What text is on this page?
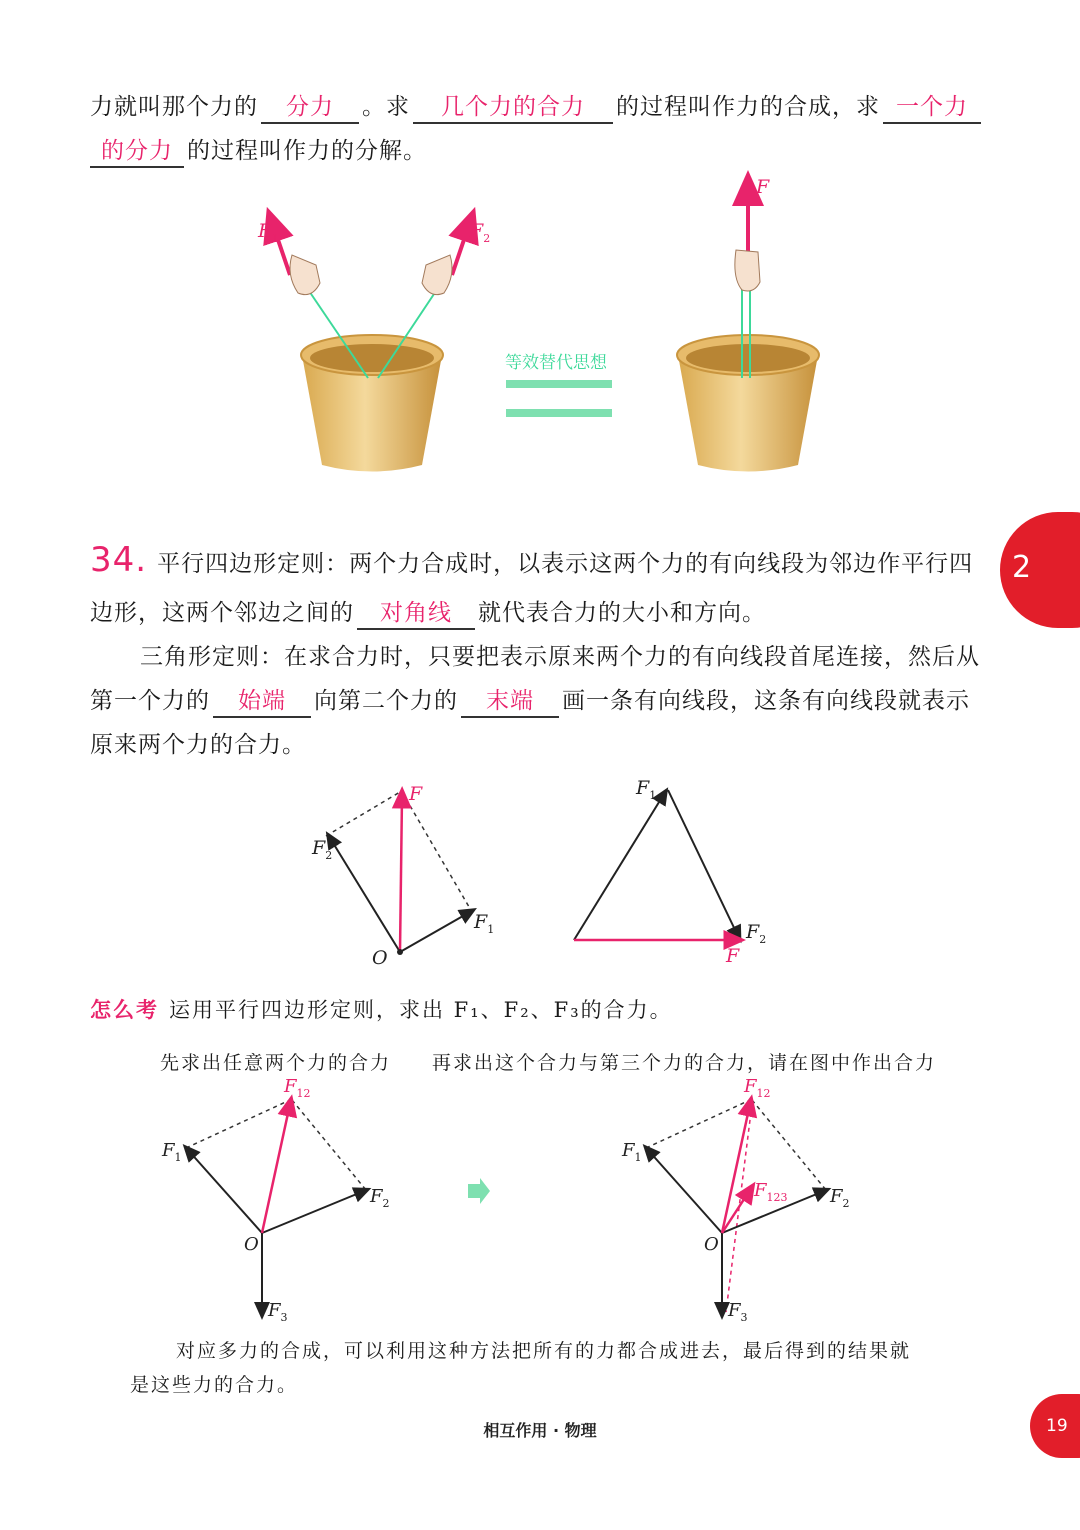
力就叫那个力的 分力 。求 几个力的合力 的过程叫作力的合成，求 一个力
的分力 的过程叫作力的分解。
$F_1$	$F_2$
等效替代思想
F
2
34. 平行四边形定则：两个力合成时，以表示这两个力的有向线段为邻边作平行四
边形，这两个邻边之间的 对角线 就代表合力的大小和方向。
三角形定则：在求合力时，只要把表示原来两个力的有向线段首尾连接，然后从
第一个力的 始端 向第二个力的 末端 画一条有向线段，这条有向线段就表示
原来两个力的合力。
O
$F_2$
$F_1$
F	$F_1$
$F_2$
F
怎么考 运用平行四边形定则，求出 F₁、F₂、F₃的合力。
先求出任意两个力的合力 再求出这个合力与第三个力的合力，请在图中作出合力
O
$F_1$
$F_2$
$F_3$
$F_{12}$
O
$F_1$
$F_2$
$F_3$
$F_{12}$
$F_{123}$
对应多力的合成，可以利用这种方法把所有的力都合成进去，最后得到的结果就
是这些力的合力。
相互作用 · 物理	19
